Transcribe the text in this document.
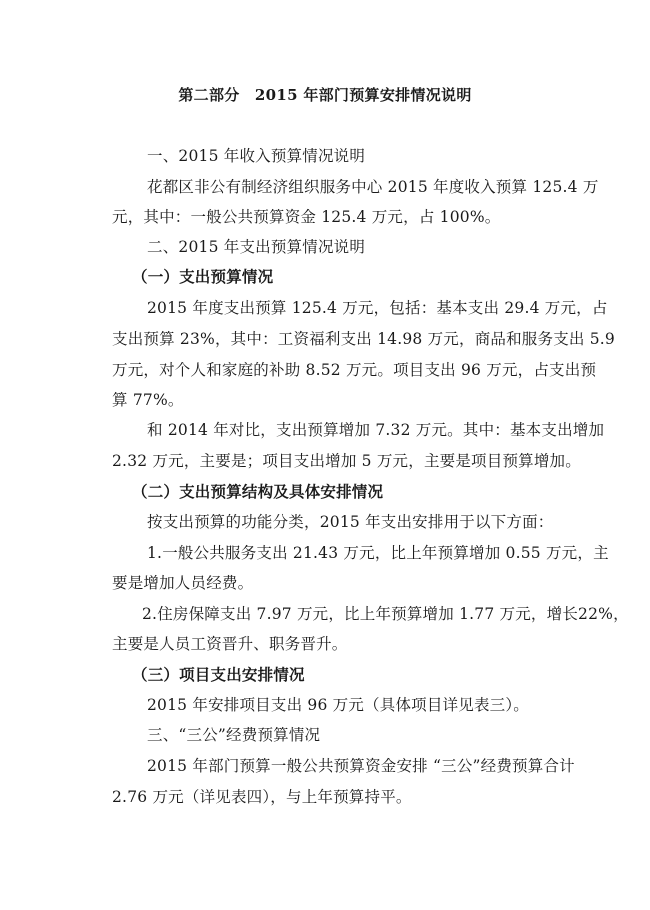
第二部分　2015 年部门预算安排情况说明
一、2015 年收入预算情况说明
花都区非公有制经济组织服务中心 2015 年度收入预算 125.4 万
元，其中：一般公共预算资金 125.4 万元，占 100%。
二、2015 年支出预算情况说明
（一）支出预算情况
2015 年度支出预算 125.4 万元，包括：基本支出 29.4 万元，占
支出预算 23%，其中：工资福利支出 14.98 万元，商品和服务支出 5.9
万元，对个人和家庭的补助 8.52 万元。项目支出 96 万元，占支出预
算 77%。
和 2014 年对比，支出预算增加 7.32 万元。其中：基本支出增加
2.32 万元，主要是；项目支出增加 5 万元，主要是项目预算增加。
（二）支出预算结构及具体安排情况
按支出预算的功能分类，2015 年支出安排用于以下方面：
1.一般公共服务支出 21.43 万元，比上年预算增加 0.55 万元，主
要是增加人员经费。
2.住房保障支出 7.97 万元，比上年预算增加 1.77 万元，增长22%，
主要是人员工资晋升、职务晋升。
（三）项目支出安排情况
2015 年安排项目支出 96 万元（具体项目详见表三）。
三、“三公”经费预算情况
2015 年部门预算一般公共预算资金安排 “三公”经费预算合计
2.76 万元（详见表四），与上年预算持平。
